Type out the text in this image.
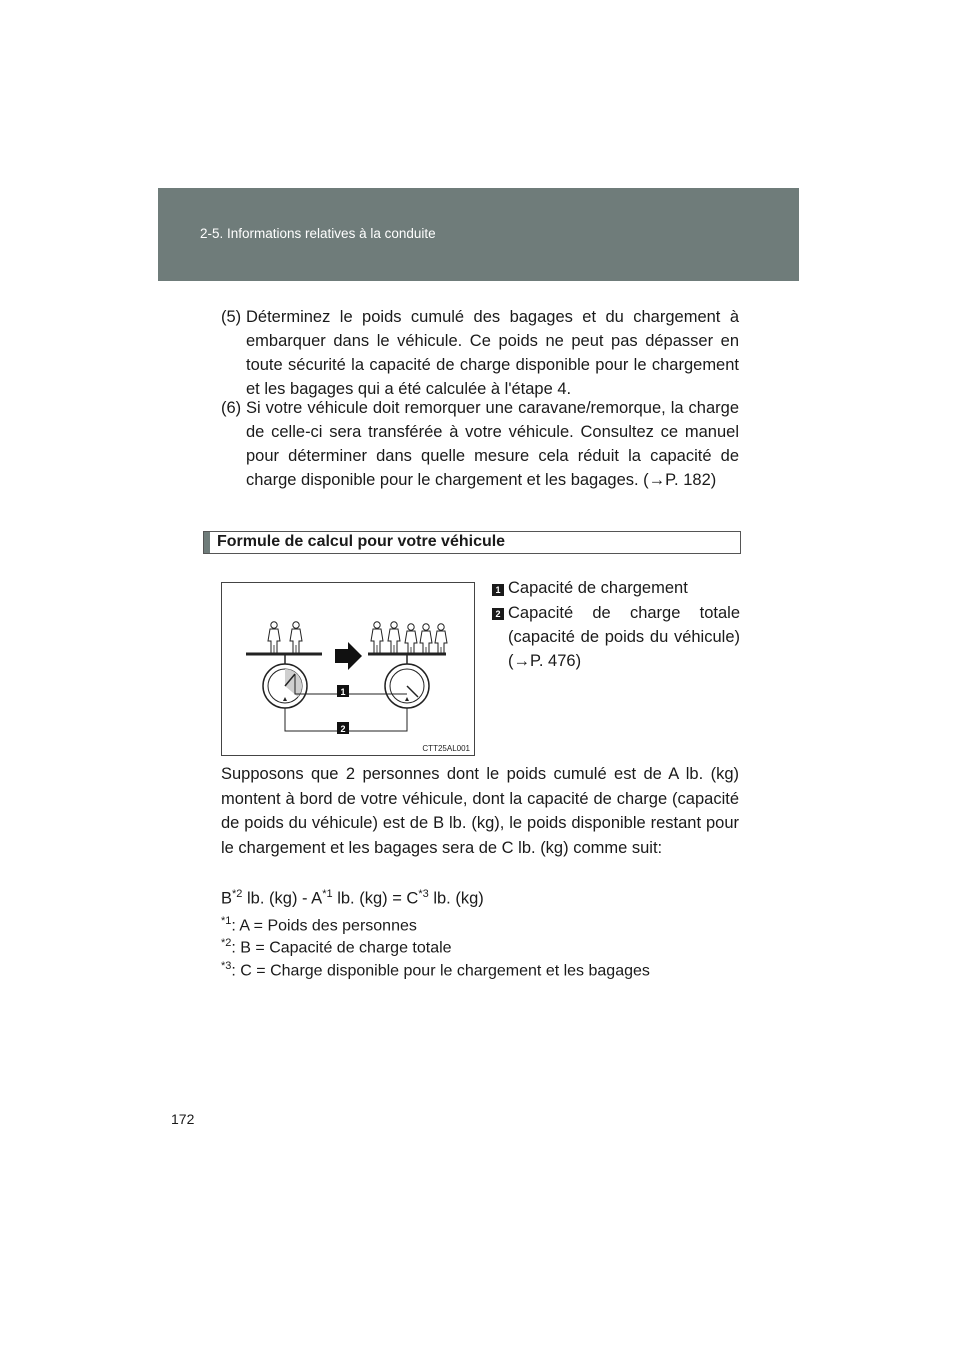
2-5. Informations relatives à la conduite
(5) Déterminez le poids cumulé des bagages et du chargement à embarquer dans le véhicule. Ce poids ne peut pas dépasser en toute sécurité la capacité de charge disponible pour le chargement et les bagages qui a été calculée à l'étape 4.
(6) Si votre véhicule doit remorquer une caravane/remorque, la charge de celle-ci sera transférée à votre véhicule. Consultez ce manuel pour déterminer dans quelle mesure cela réduit la capacité de charge disponible pour le chargement et les bagages. (→P. 182)
Formule de calcul pour votre véhicule
1
2
CTT25AL001
1 Capacité de chargement
2 Capacité de charge totale (capacité de poids du véhicule) (→P. 476)
Supposons que 2 personnes dont le poids cumulé est de A lb. (kg) montent à bord de votre véhicule, dont la capacité de charge (capacité de poids du véhicule) est de B lb. (kg), le poids disponible restant pour le chargement et les bagages sera de C lb. (kg) comme suit:
$B^{*2}$ lb. $(kg) - A^{*1}$ lb. $(kg) = C^{*3}$ lb. (kg)
$^{*1}$: A = Poids des personnes
$^{*2}$: B = Capacité de charge totale
$^{*3}$: C = Charge disponible pour le chargement et les bagages
172
